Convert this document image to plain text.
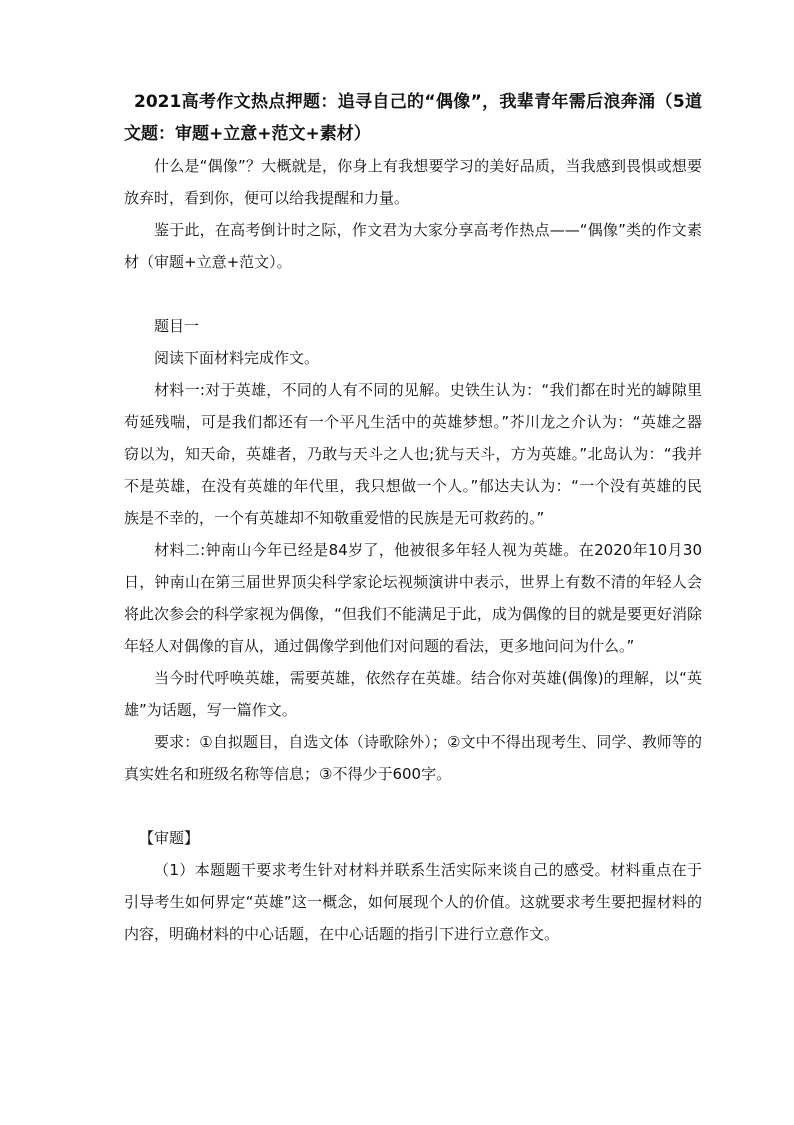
2021高考作文热点押题：追寻自己的“偶像”，我辈青年需后浪奔涌（5道文题：审题+立意+范文+素材）

什么是“偶像”？大概就是，你身上有我想要学习的美好品质，当我感到畏惧或想要放弃时，看到你，便可以给我提醒和力量。

鉴于此，在高考倒计时之际，作文君为大家分享高考作热点——“偶像”类的作文素材（审题+立意+范文）。

题目一

阅读下面材料完成作文。

材料一:对于英雄，不同的人有不同的见解。史铁生认为：“我们都在时光的罅隙里苟延残喘，可是我们都还有一个平凡生活中的英雄梦想。”芥川龙之介认为：“英雄之器窃以为，知天命，英雄者，乃敢与天斗之人也;犹与天斗，方为英雄。”北岛认为：“我并不是英雄，在没有英雄的年代里，我只想做一个人。”郁达夫认为：“一个没有英雄的民族是不幸的，一个有英雄却不知敬重爱惜的民族是无可救药的。”

材料二:钟南山今年已经是84岁了，他被很多年轻人视为英雄。在2020年10月30日，钟南山在第三届世界顶尖科学家论坛视频演讲中表示，世界上有数不清的年轻人会将此次参会的科学家视为偶像，“但我们不能满足于此，成为偶像的目的就是要更好消除年轻人对偶像的盲从，通过偶像学到他们对问题的看法，更多地问问为什么。”

当今时代呼唤英雄，需要英雄，依然存在英雄。结合你对英雄(偶像)的理解，以“英雄”为话题，写一篇作文。

要求：①自拟题目，自选文体（诗歌除外）；②文中不得出现考生、同学、教师等的真实姓名和班级名称等信息；③不得少于600字。

【审题】

（1）本题题干要求考生针对材料并联系生活实际来谈自己的感受。材料重点在于引导考生如何界定“英雄”这一概念，如何展现个人的价值。这就要求考生要把握材料的内容，明确材料的中心话题，在中心话题的指引下进行立意作文。
